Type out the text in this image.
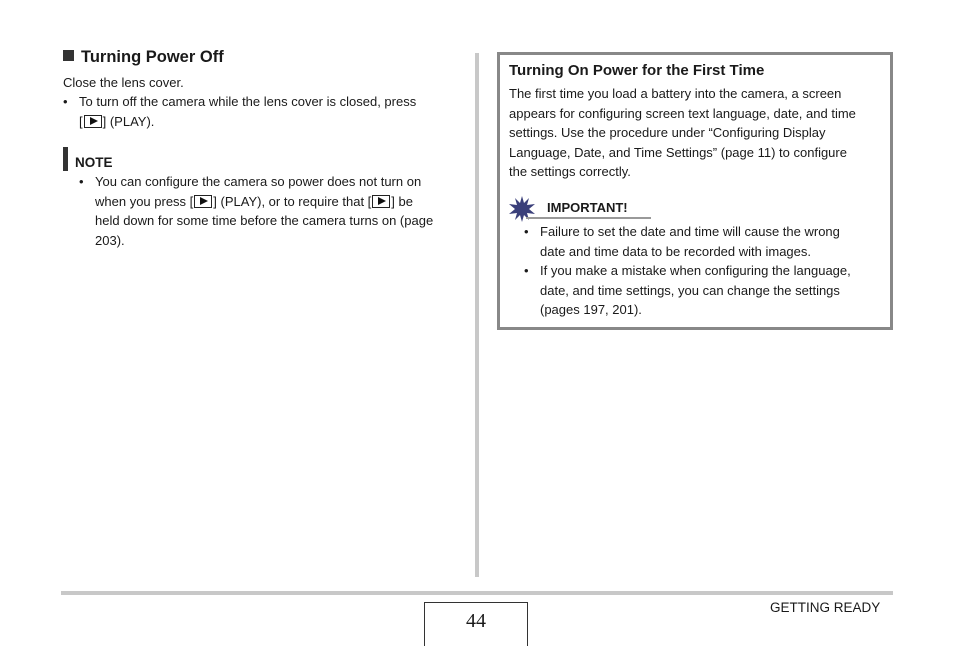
Turning Power Off
Close the lens cover.
• To turn off the camera while the lens cover is closed, press
[ ] (PLAY).
NOTE
• You can configure the camera so power does not turn on
when you press [ ] (PLAY), or to require that [ ] be
held down for some time before the camera turns on (page
203).
Turning On Power for the First Time
The first time you load a battery into the camera, a screen
appears for configuring screen text language, date, and time
settings. Use the procedure under “Configuring Display
Language, Date, and Time Settings” (page 11) to configure
the settings correctly.
IMPORTANT!
• Failure to set the date and time will cause the wrong
date and time data to be recorded with images.
• If you make a mistake when configuring the language,
date, and time settings, you can change the settings
(pages 197, 201).
GETTING READY
44
